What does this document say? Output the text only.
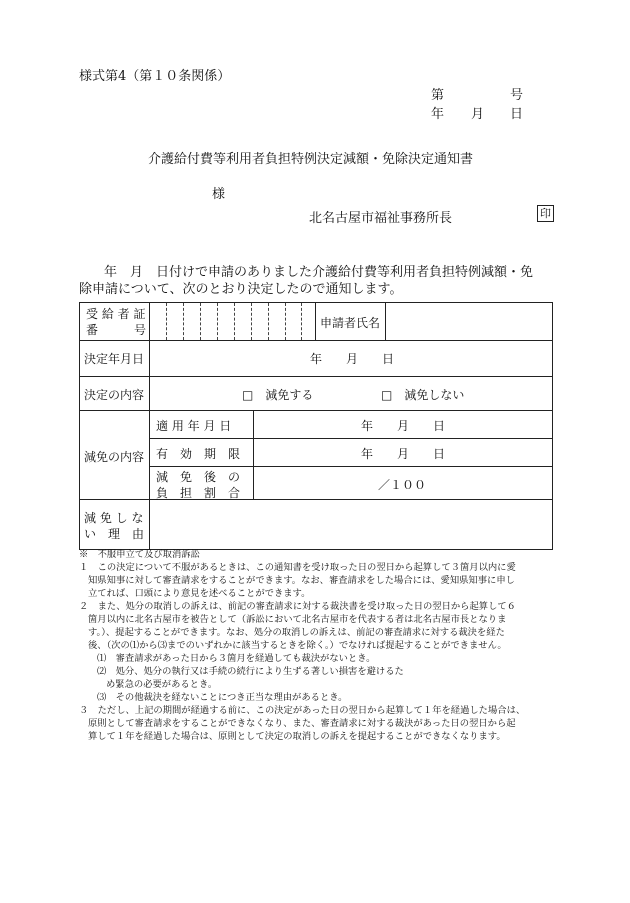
様式第4（第１０条関係）
第	号
年 月 日
介護給付費等利用者負担特例決定減額・免除決定通知書
様
北名古屋市福祉事務所長	印
年　月　日付けで申請のありました介護給付費等利用者負担特例減額・免
除申請について、次のとおり決定したので通知します。
受 給 者 証
番　　　号	申請者氏名
決定年月日	年　　月　　日
決定の内容	□　減免する	□　減免しない
減免の内容
適 用 年 月 日	年　　月　　日
有　効　期　限	年　　月　　日
減　免　後　の
負　担　割　合
／１００
減 免 し な
い　理　由
※　不服申立て及び取消訴訟
１　この決定について不服があるときは、この通知書を受け取った日の翌日から起算して３箇月以内に愛
知県知事に対して審査請求をすることができます。なお、審査請求をした場合には、愛知県知事に申し
立てれば、口頭により意見を述べることができます。
２　また、処分の取消しの訴えは、前記の審査請求に対する裁決書を受け取った日の翌日から起算して６
箇月以内に北名古屋市を被告として（訴訟において北名古屋市を代表する者は北名古屋市長となりま
す。）、提起することができます。なお、処分の取消しの訴えは、前記の審査請求に対する裁決を経た
後、（次の⑴から⑶までのいずれかに該当するときを除く。）でなければ提起することができません。
⑴　審査請求があった日から３箇月を経過しても裁決がないとき。
⑵　処分、処分の執行又は手続の続行により生ずる著しい損害を避けるた
め緊急の必要があるとき。
⑶　その他裁決を経ないことにつき正当な理由があるとき。
３　ただし、上記の期間が経過する前に、この決定があった日の翌日から起算して１年を経過した場合は、
原則として審査請求をすることができなくなり、また、審査請求に対する裁決があった日の翌日から起
算して１年を経過した場合は、原則として決定の取消しの訴えを提起することができなくなります。
